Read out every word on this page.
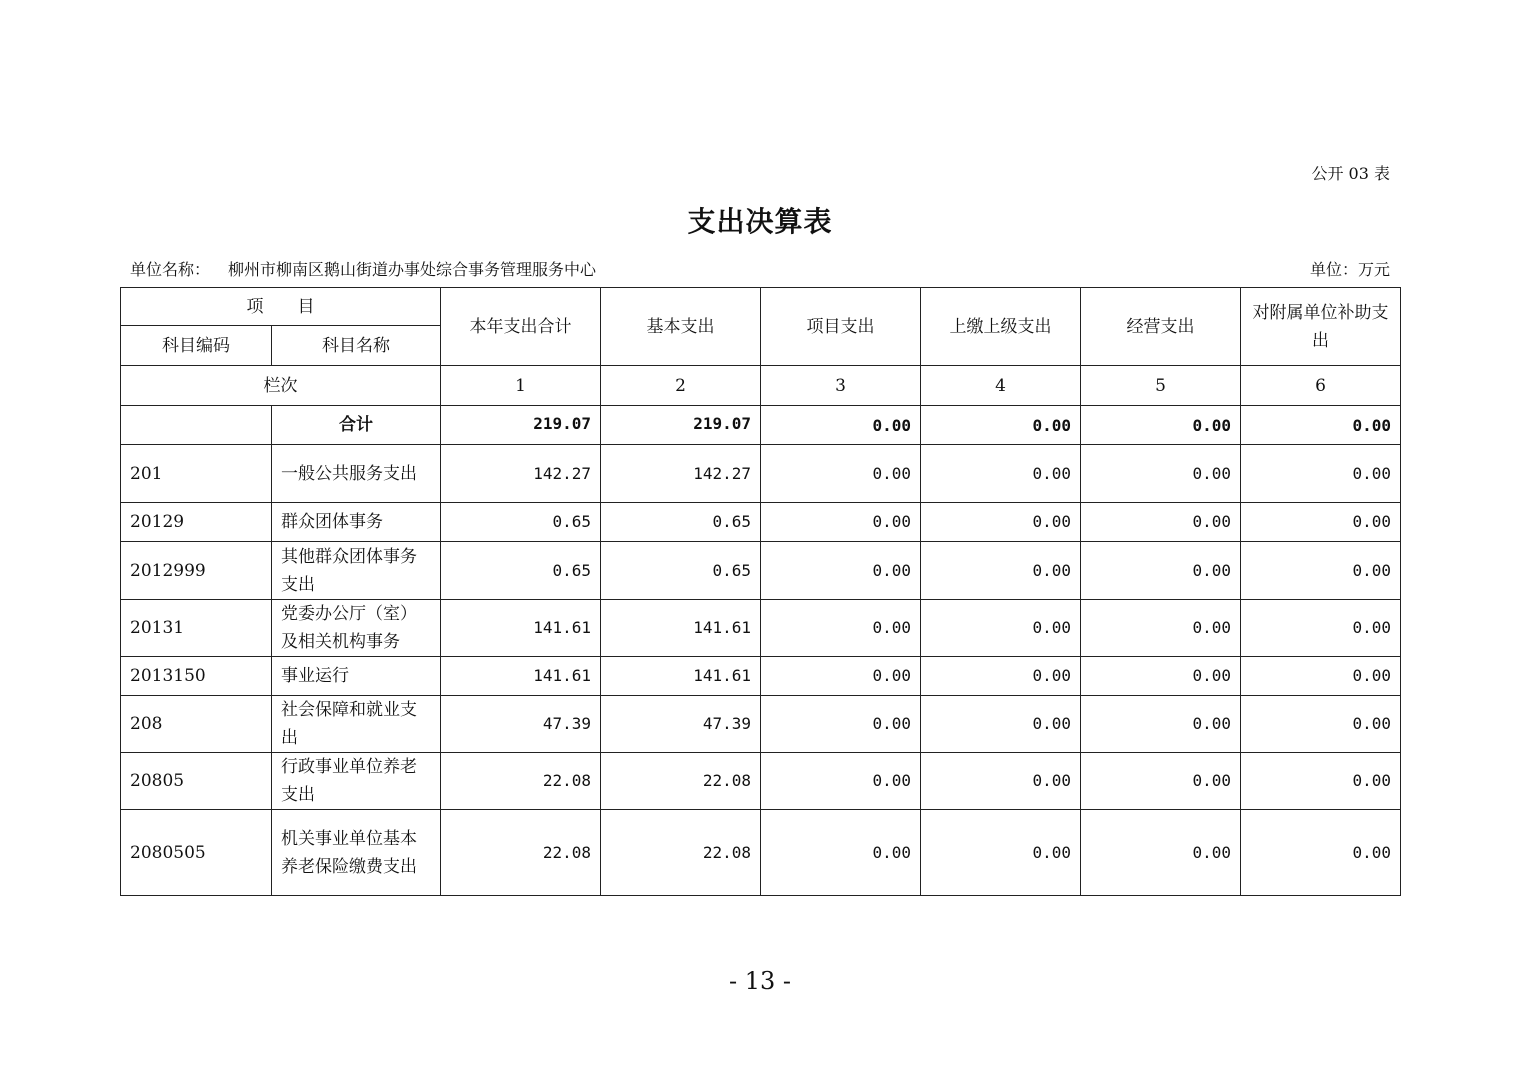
公开 03 表
支出决算表
单位名称： 柳州市柳南区鹅山街道办事处综合事务管理服务中心	单位：万元
项　　目		本年支出合计	基本支出	项目支出	上缴上级支出	经营支出	对附属单位补助支出
科目编码	科目名称						
栏次		1	2	3	4	5	6
	合计	219.07	219.07	0.00	0.00	0.00	0.00
201	一般公共服务支出	142.27	142.27	0.00	0.00	0.00	0.00
20129	群众团体事务	0.65	0.65	0.00	0.00	0.00	0.00
2012999	其他群众团体事务支出	0.65	0.65	0.00	0.00	0.00	0.00
20131	党委办公厅（室）及相关机构事务	141.61	141.61	0.00	0.00	0.00	0.00
2013150	事业运行	141.61	141.61	0.00	0.00	0.00	0.00
208	社会保障和就业支出	47.39	47.39	0.00	0.00	0.00	0.00
20805	行政事业单位养老支出	22.08	22.08	0.00	0.00	0.00	0.00
2080505	机关事业单位基本养老保险缴费支出	22.08	22.08	0.00	0.00	0.00	0.00
- 13 -
